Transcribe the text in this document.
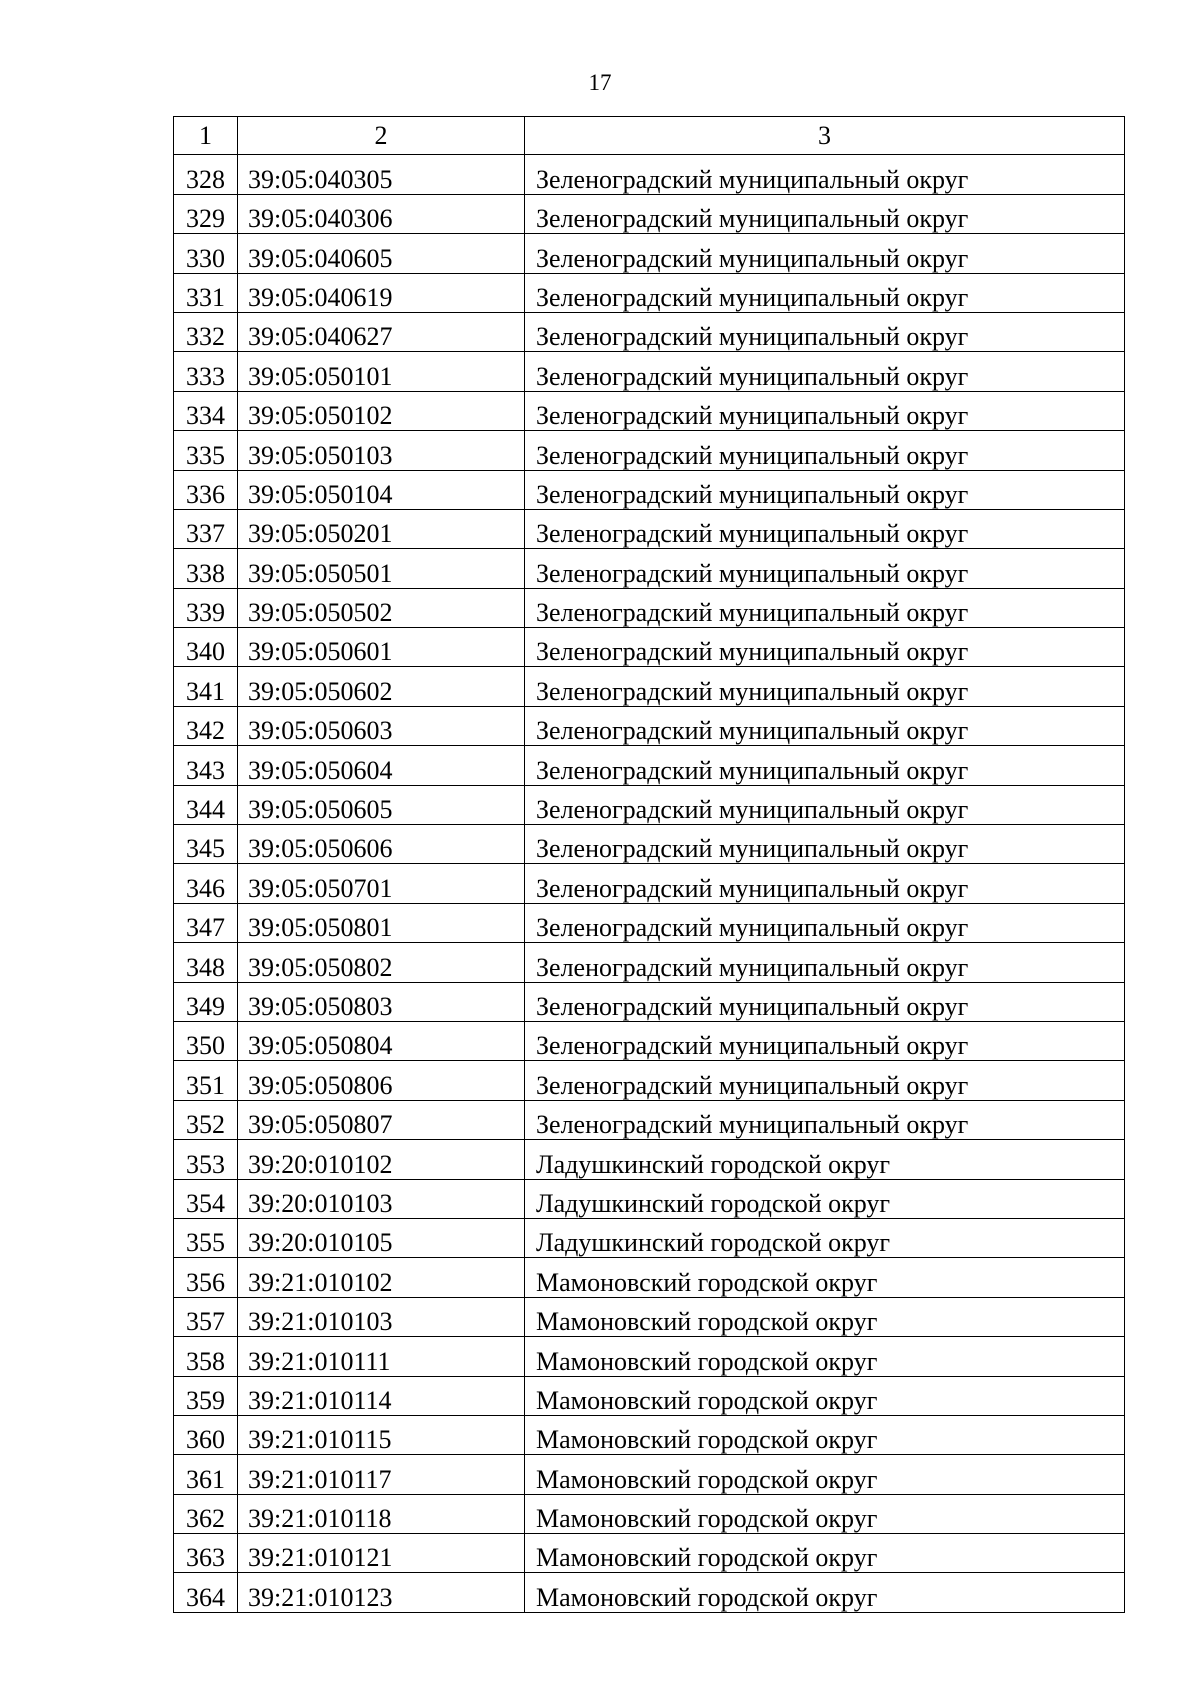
17
1	2	3
328	39:05:040305	Зеленоградский муниципальный округ
329	39:05:040306	Зеленоградский муниципальный округ
330	39:05:040605	Зеленоградский муниципальный округ
331	39:05:040619	Зеленоградский муниципальный округ
332	39:05:040627	Зеленоградский муниципальный округ
333	39:05:050101	Зеленоградский муниципальный округ
334	39:05:050102	Зеленоградский муниципальный округ
335	39:05:050103	Зеленоградский муниципальный округ
336	39:05:050104	Зеленоградский муниципальный округ
337	39:05:050201	Зеленоградский муниципальный округ
338	39:05:050501	Зеленоградский муниципальный округ
339	39:05:050502	Зеленоградский муниципальный округ
340	39:05:050601	Зеленоградский муниципальный округ
341	39:05:050602	Зеленоградский муниципальный округ
342	39:05:050603	Зеленоградский муниципальный округ
343	39:05:050604	Зеленоградский муниципальный округ
344	39:05:050605	Зеленоградский муниципальный округ
345	39:05:050606	Зеленоградский муниципальный округ
346	39:05:050701	Зеленоградский муниципальный округ
347	39:05:050801	Зеленоградский муниципальный округ
348	39:05:050802	Зеленоградский муниципальный округ
349	39:05:050803	Зеленоградский муниципальный округ
350	39:05:050804	Зеленоградский муниципальный округ
351	39:05:050806	Зеленоградский муниципальный округ
352	39:05:050807	Зеленоградский муниципальный округ
353	39:20:010102	Ладушкинский городской округ
354	39:20:010103	Ладушкинский городской округ
355	39:20:010105	Ладушкинский городской округ
356	39:21:010102	Мамоновский городской округ
357	39:21:010103	Мамоновский городской округ
358	39:21:010111	Мамоновский городской округ
359	39:21:010114	Мамоновский городской округ
360	39:21:010115	Мамоновский городской округ
361	39:21:010117	Мамоновский городской округ
362	39:21:010118	Мамоновский городской округ
363	39:21:010121	Мамоновский городской округ
364	39:21:010123	Мамоновский городской округ
